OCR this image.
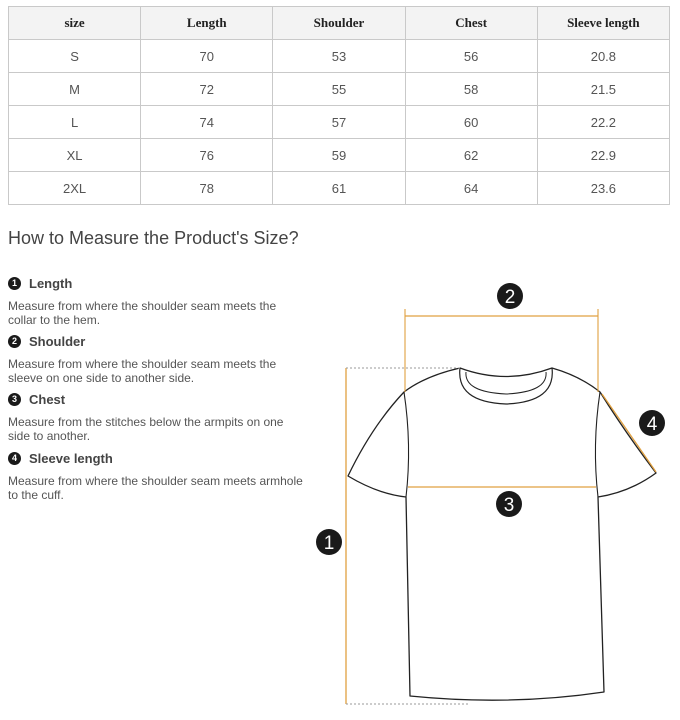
size	Length	Shoulder	Chest	Sleeve length
S	70	53	56	20.8
M	72	55	58	21.5
L	74	57	60	22.2
XL	76	59	62	22.9
2XL	78	61	64	23.6
How to Measure the Product's Size?
1 Length
Measure from where the shoulder seam meets the collar to the hem.
2 Shoulder
Measure from where the shoulder seam meets the sleeve on one side to another side.
3 Chest
Measure from the stitches below the armpits on one side to another.
4 Sleeve length
Measure from where the shoulder seam meets armhole to the cuff.
2
4
3
1
